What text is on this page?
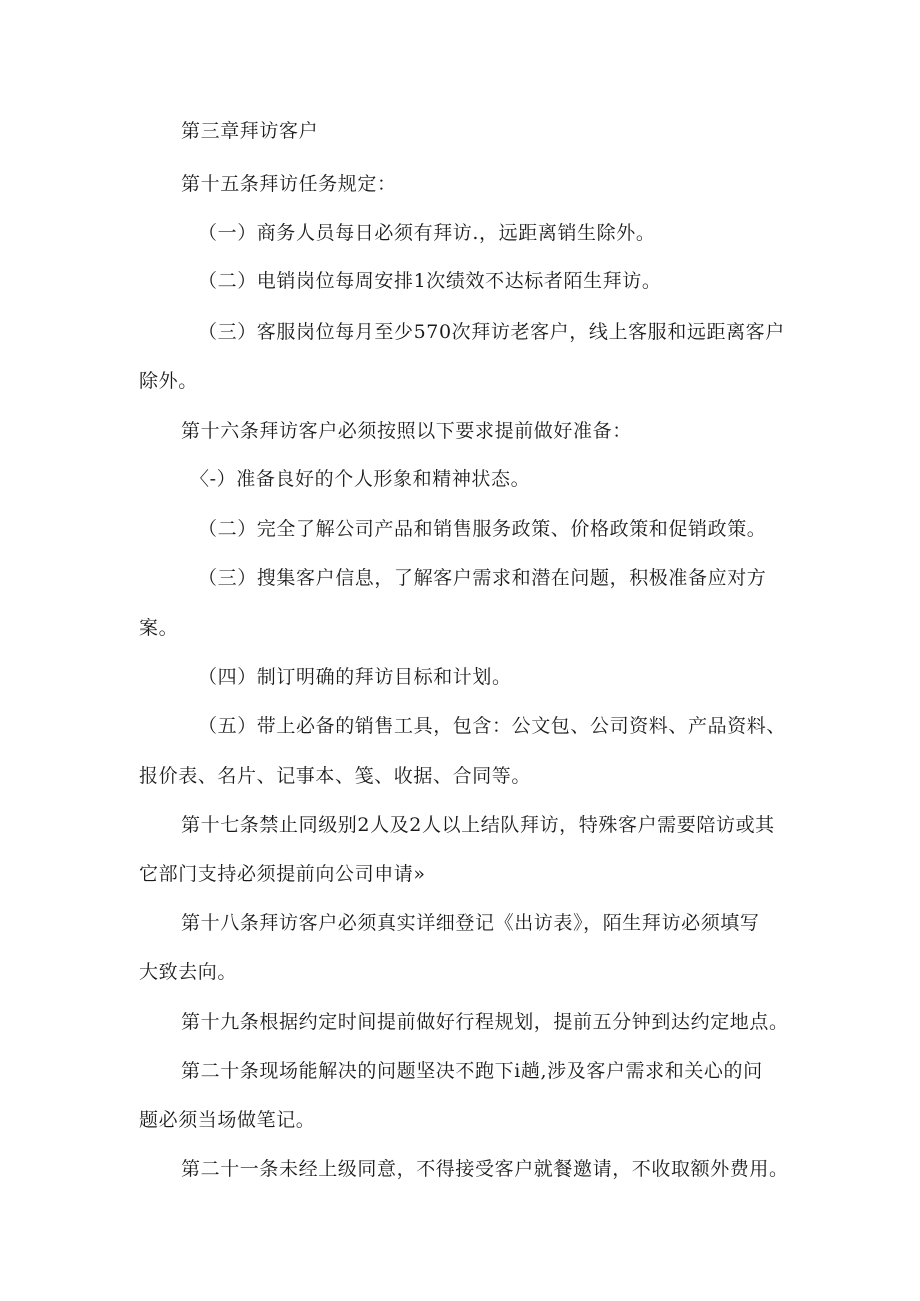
第三章拜访客户

第十五条拜访任务规定：

（一）商务人员每日必须有拜访.，远距离销生除外。

（二）电销岗位每周安排1次绩效不达标者陌生拜访。

（三）客服岗位每月至少570次拜访老客户，线上客服和远距离客户

除外。

第十六条拜访客户必须按照以下要求提前做好准备：

〈-）准备良好的个人形象和精神状态。

（二）完全了解公司产品和销售服务政策、价格政策和促销政策。

（三）搜集客户信息，了解客户需求和潜在问题，积极准备应对方

案。

（四）制订明确的拜访目标和计划。

（五）带上必备的销售工具，包含：公文包、公司资料、产品资料、

报价表、名片、记事本、笺、收据、合同等。

第十七条禁止同级别2人及2人以上结队拜访，特殊客户需要陪访或其

它部门支持必须提前向公司申请»

第十八条拜访客户必须真实详细登记《出访表》，陌生拜访必须填写

大致去向。

第十九条根据约定时间提前做好行程规划，提前五分钟到达约定地点。

第二十条现场能解决的问题坚决不跑下i趟,涉及客户需求和关心的问

题必须当场做笔记。

第二十一条未经上级同意，不得接受客户就餐邀请，不收取额外费用。
